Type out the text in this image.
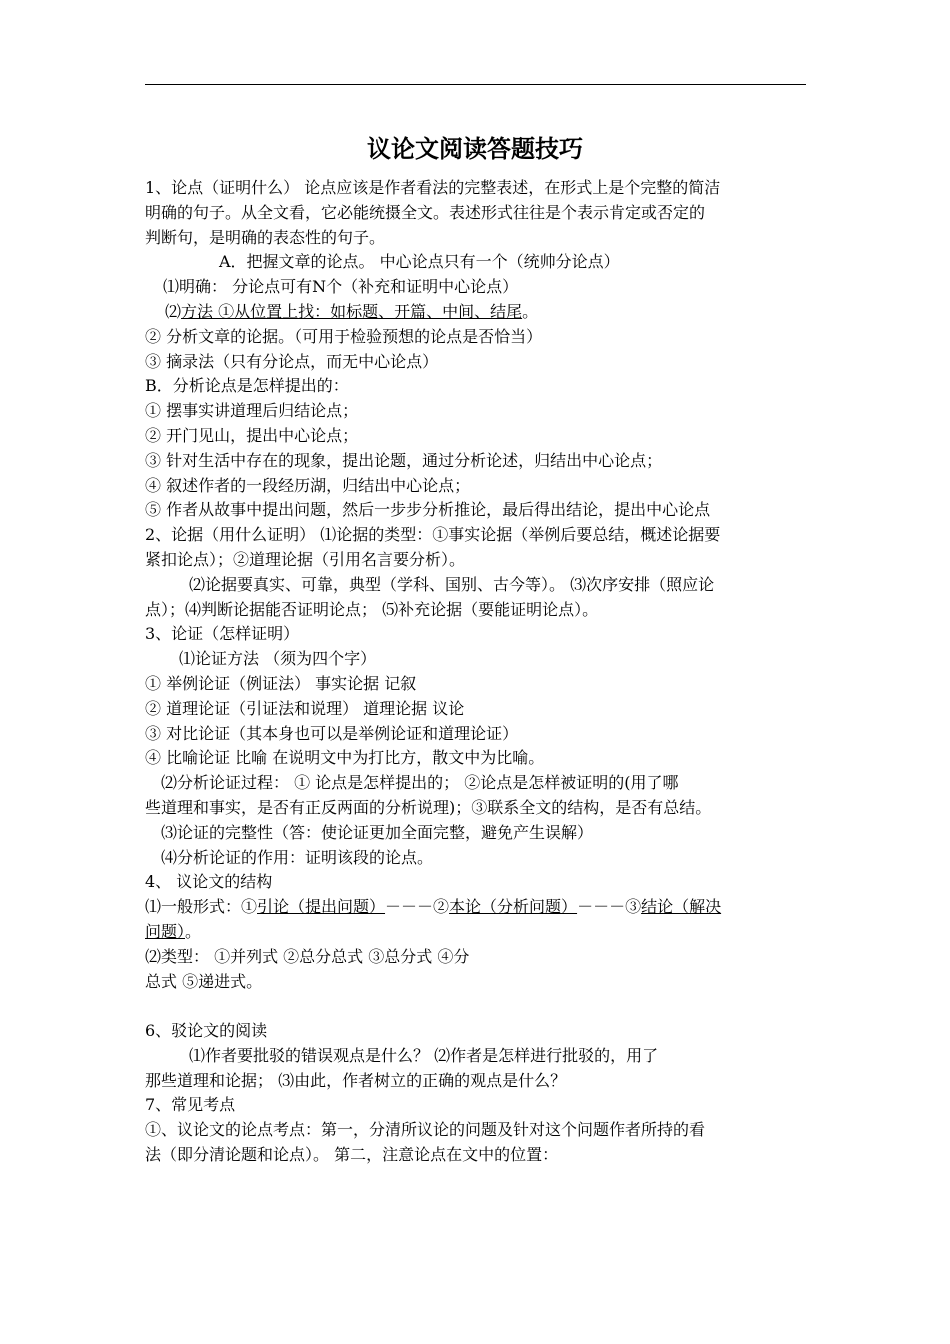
议论文阅读答题技巧
1、论点（证明什么） 论点应该是作者看法的完整表述，在形式上是个完整的简洁
明确的句子。从全文看，它必能统摄全文。表述形式往往是个表示肯定或否定的
判断句，是明确的表态性的句子。
A．把握文章的论点。 中心论点只有一个（统帅分论点）
⑴明确： 分论点可有N个（补充和证明中心论点）
⑵方法 ①从位置上找：如标题、开篇、中间、结尾。
② 分析文章的论据。（可用于检验预想的论点是否恰当）
③ 摘录法（只有分论点，而无中心论点）
B．分析论点是怎样提出的：
① 摆事实讲道理后归结论点；
② 开门见山，提出中心论点；
③ 针对生活中存在的现象，提出论题，通过分析论述，归结出中心论点；
④ 叙述作者的一段经历湖，归结出中心论点；
⑤ 作者从故事中提出问题，然后一步步分析推论，最后得出结论，提出中心论点
2、论据（用什么证明） ⑴论据的类型：①事实论据（举例后要总结，概述论据要
紧扣论点）；②道理论据（引用名言要分析）。
⑵论据要真实、可靠，典型（学科、国别、古今等）。 ⑶次序安排（照应论
点）；⑷判断论据能否证明论点； ⑸补充论据（要能证明论点）。
3、论证（怎样证明）
⑴论证方法 （须为四个字）
① 举例论证（例证法） 事实论据 记叙
② 道理论证（引证法和说理） 道理论据 议论
③ 对比论证（其本身也可以是举例论证和道理论证）
④ 比喻论证 比喻 在说明文中为打比方，散文中为比喻。
⑵分析论证过程： ① 论点是怎样提出的； ②论点是怎样被证明的(用了哪
些道理和事实，是否有正反两面的分析说理)；③联系全文的结构，是否有总结。
⑶论证的完整性（答：使论证更加全面完整，避免产生误解）
⑷分析论证的作用：证明该段的论点。
4、 议论文的结构
⑴一般形式：①引论（提出问题）－－－②本论（分析问题）－－－③结论（解决
问题）。
⑵类型： ①并列式 ②总分总式 ③总分式 ④分
总式 ⑤递进式。
6、驳论文的阅读
⑴作者要批驳的错误观点是什么？ ⑵作者是怎样进行批驳的，用了
那些道理和论据； ⑶由此，作者树立的正确的观点是什么？
7、常见考点
①、议论文的论点考点：第一，分清所议论的问题及针对这个问题作者所持的看
法（即分清论题和论点）。 第二，注意论点在文中的位置：
